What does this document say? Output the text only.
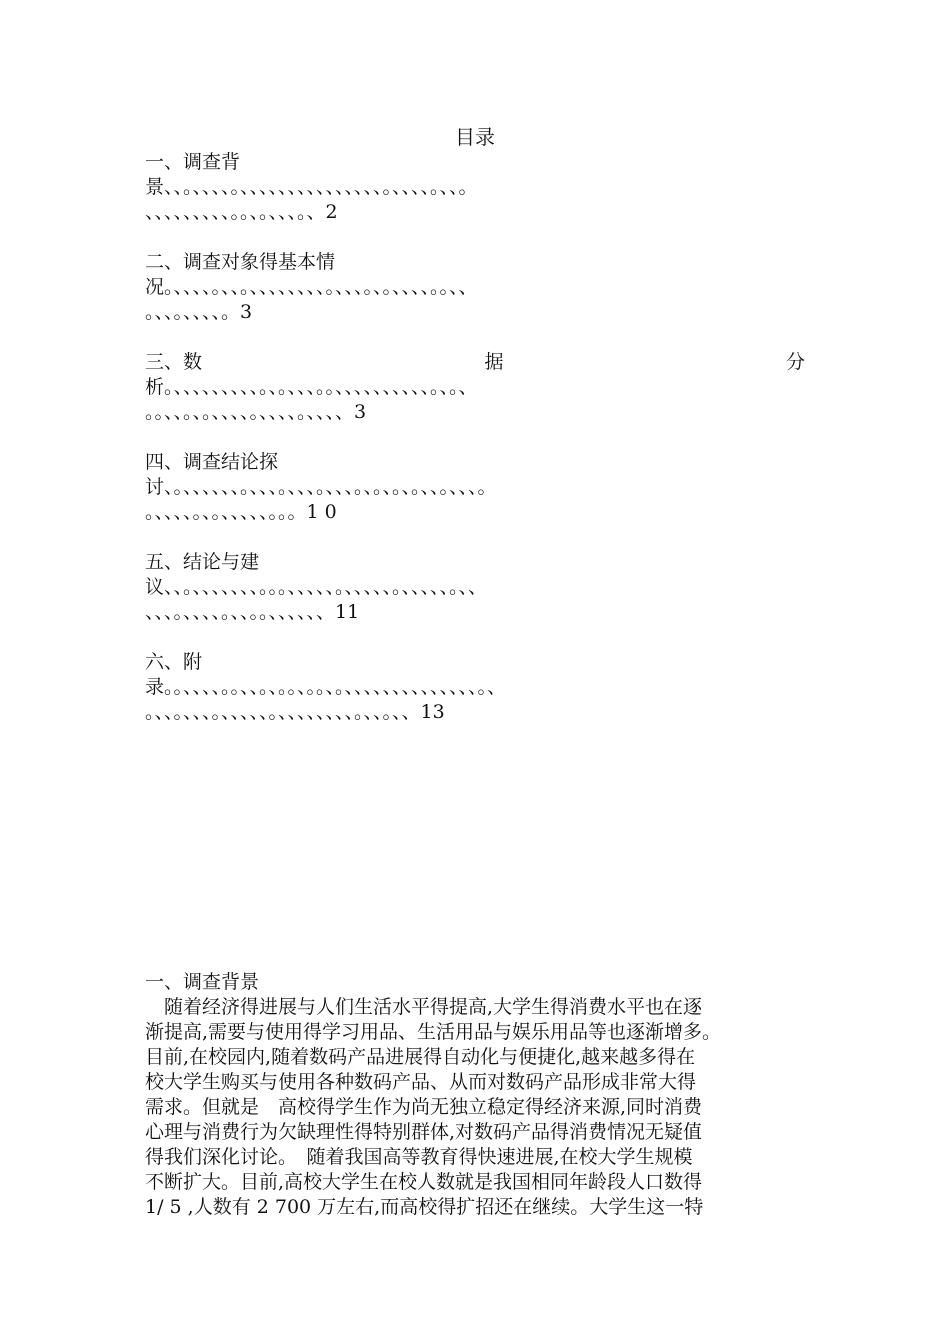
目录
一、调查背
景、、。、、、、。、、、、、、、、、、、、、、、。、、、、。、、。
、、、、、、、、、。。、。、、、。、2
二、调查对象得基本情
况。、、、、。、、。、、、、、、、、。、、、。、。、、、、。。、、
。、、。、、、、。3
三、数	据	分
析。、、、、、、、、、。、。、、、。。、、、、、、、、、、。、。、
。。、、。、。、、、、。、、、、。、、、、3
四、调查结论探
讨、。、、、、、、。、、、。、、、。、、、。、。、。、。、、。、、、。
。、、、、。、。、、、、、。。。1 0
五、结论与建
议、、。、、、、、、、。。。、、、、、。、、、、、。、、、、、。、、
、、、。、、、、。、、。。、、、、、、11
六、附
录。。、、、、。。、、。、。。、。。、。、、、、、、、、、、、、、、。、
。、、。、、、。、、、、、。、、、、、、、、。、、。、、13
一、调查背景
　随着经济得进展与人们生活水平得提高,大学生得消费水平也在逐
渐提高,需要与使用得学习用品、生活用品与娱乐用品等也逐渐增多。
目前,在校园内,随着数码产品进展得自动化与便捷化,越来越多得在
校大学生购买与使用各种数码产品、从而对数码产品形成非常大得
需求。但就是　高校得学生作为尚无独立稳定得经济来源,同时消费
心理与消费行为欠缺理性得特别群体,对数码产品得消费情况无疑值
得我们深化讨论。　随着我国高等教育得快速进展,在校大学生规模
不断扩大。目前,高校大学生在校人数就是我国相同年龄段人口数得
1/ 5 ,人数有 2 700 万左右,而高校得扩招还在继续。大学生这一特
